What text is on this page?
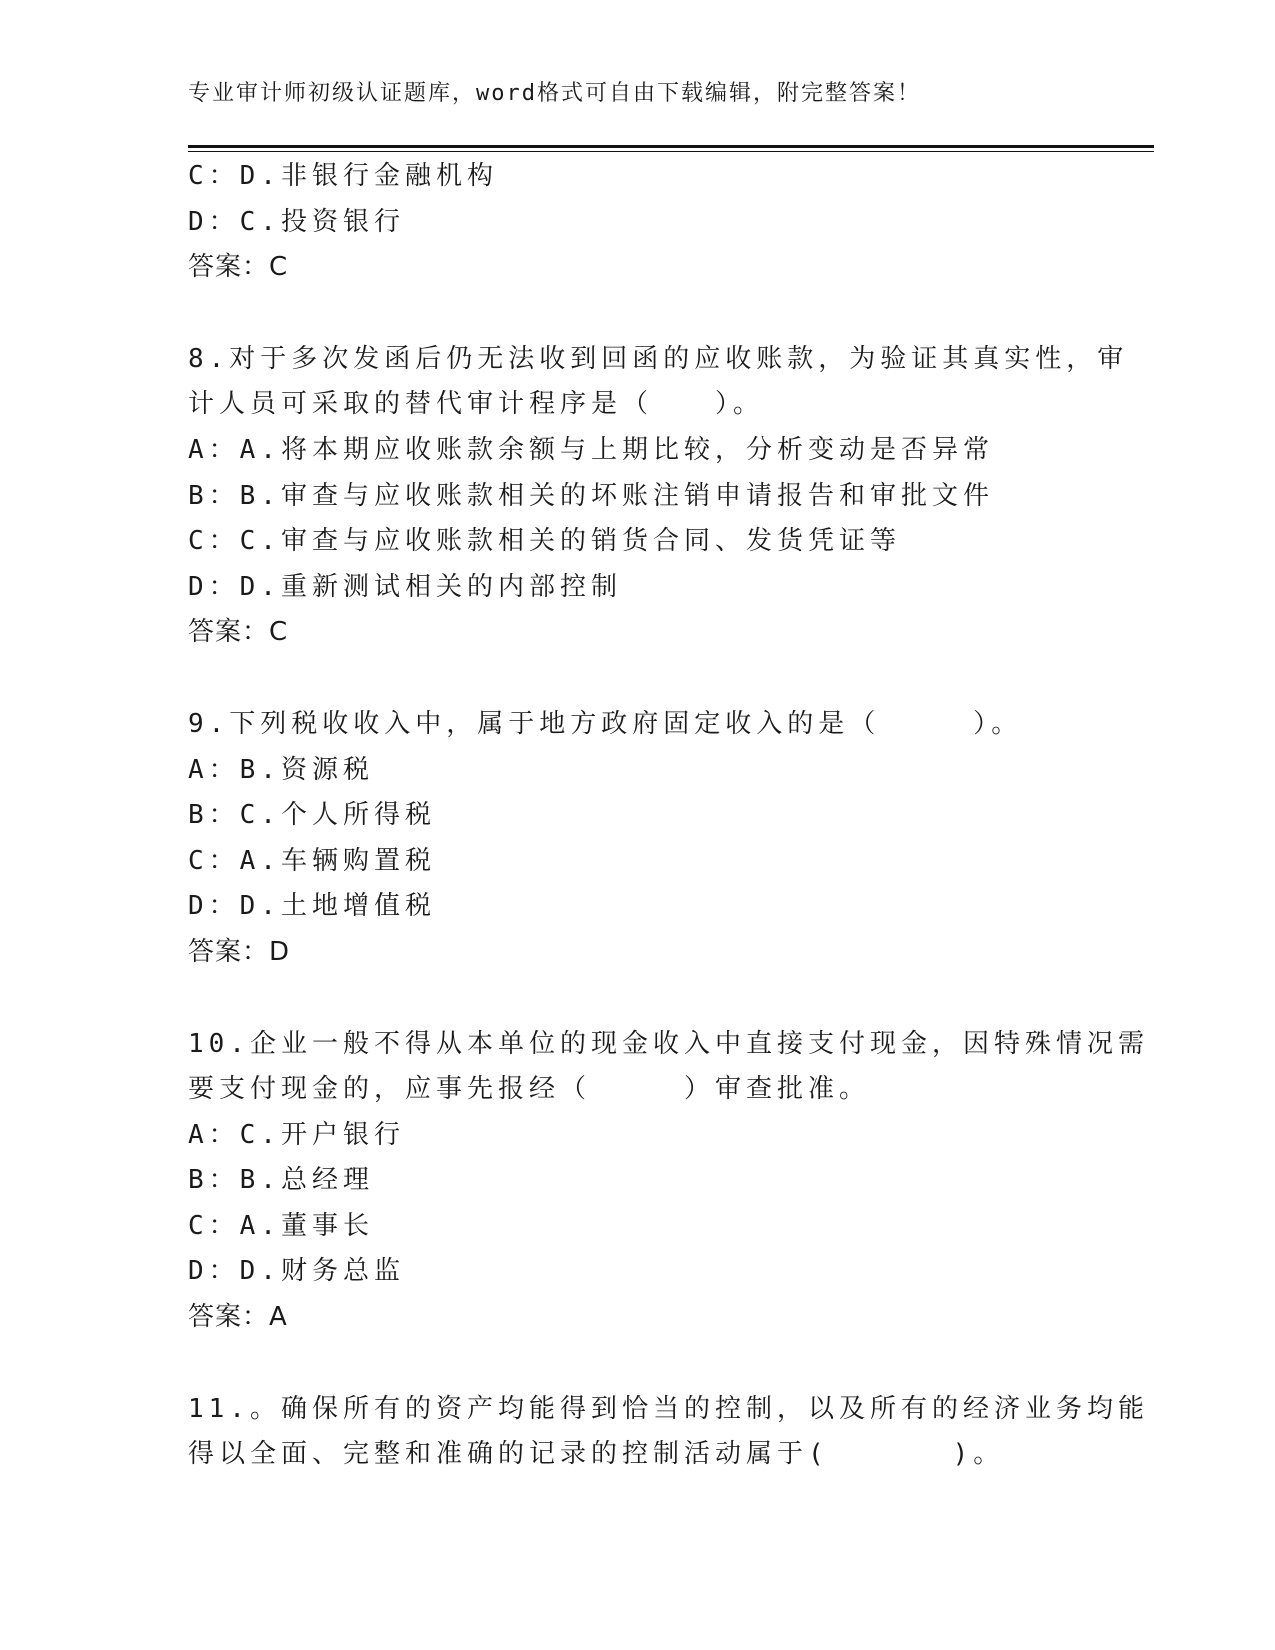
专业审计师初级认证题库，word格式可自由下载编辑，附完整答案！
C：D.非银行金融机构
D：C.投资银行
答案：C
8.对于多次发函后仍无法收到回函的应收账款，为验证其真实性，审
计人员可采取的替代审计程序是（　　）。
A：A.将本期应收账款余额与上期比较，分析变动是否异常
B：B.审查与应收账款相关的坏账注销申请报告和审批文件
C：C.审查与应收账款相关的销货合同、发货凭证等
D：D.重新测试相关的内部控制
答案：C
9.下列税收收入中，属于地方政府固定收入的是（　　　）。
A：B.资源税
B：C.个人所得税
C：A.车辆购置税
D：D.土地增值税
答案：D
10.企业一般不得从本单位的现金收入中直接支付现金，因特殊情况需
要支付现金的，应事先报经（　　　）审查批准。
A：C.开户银行
B：B.总经理
C：A.董事长
D：D.财务总监
答案：A
11.。确保所有的资产均能得到恰当的控制，以及所有的经济业务均能
得以全面、完整和准确的记录的控制活动属于(　　　　)。
